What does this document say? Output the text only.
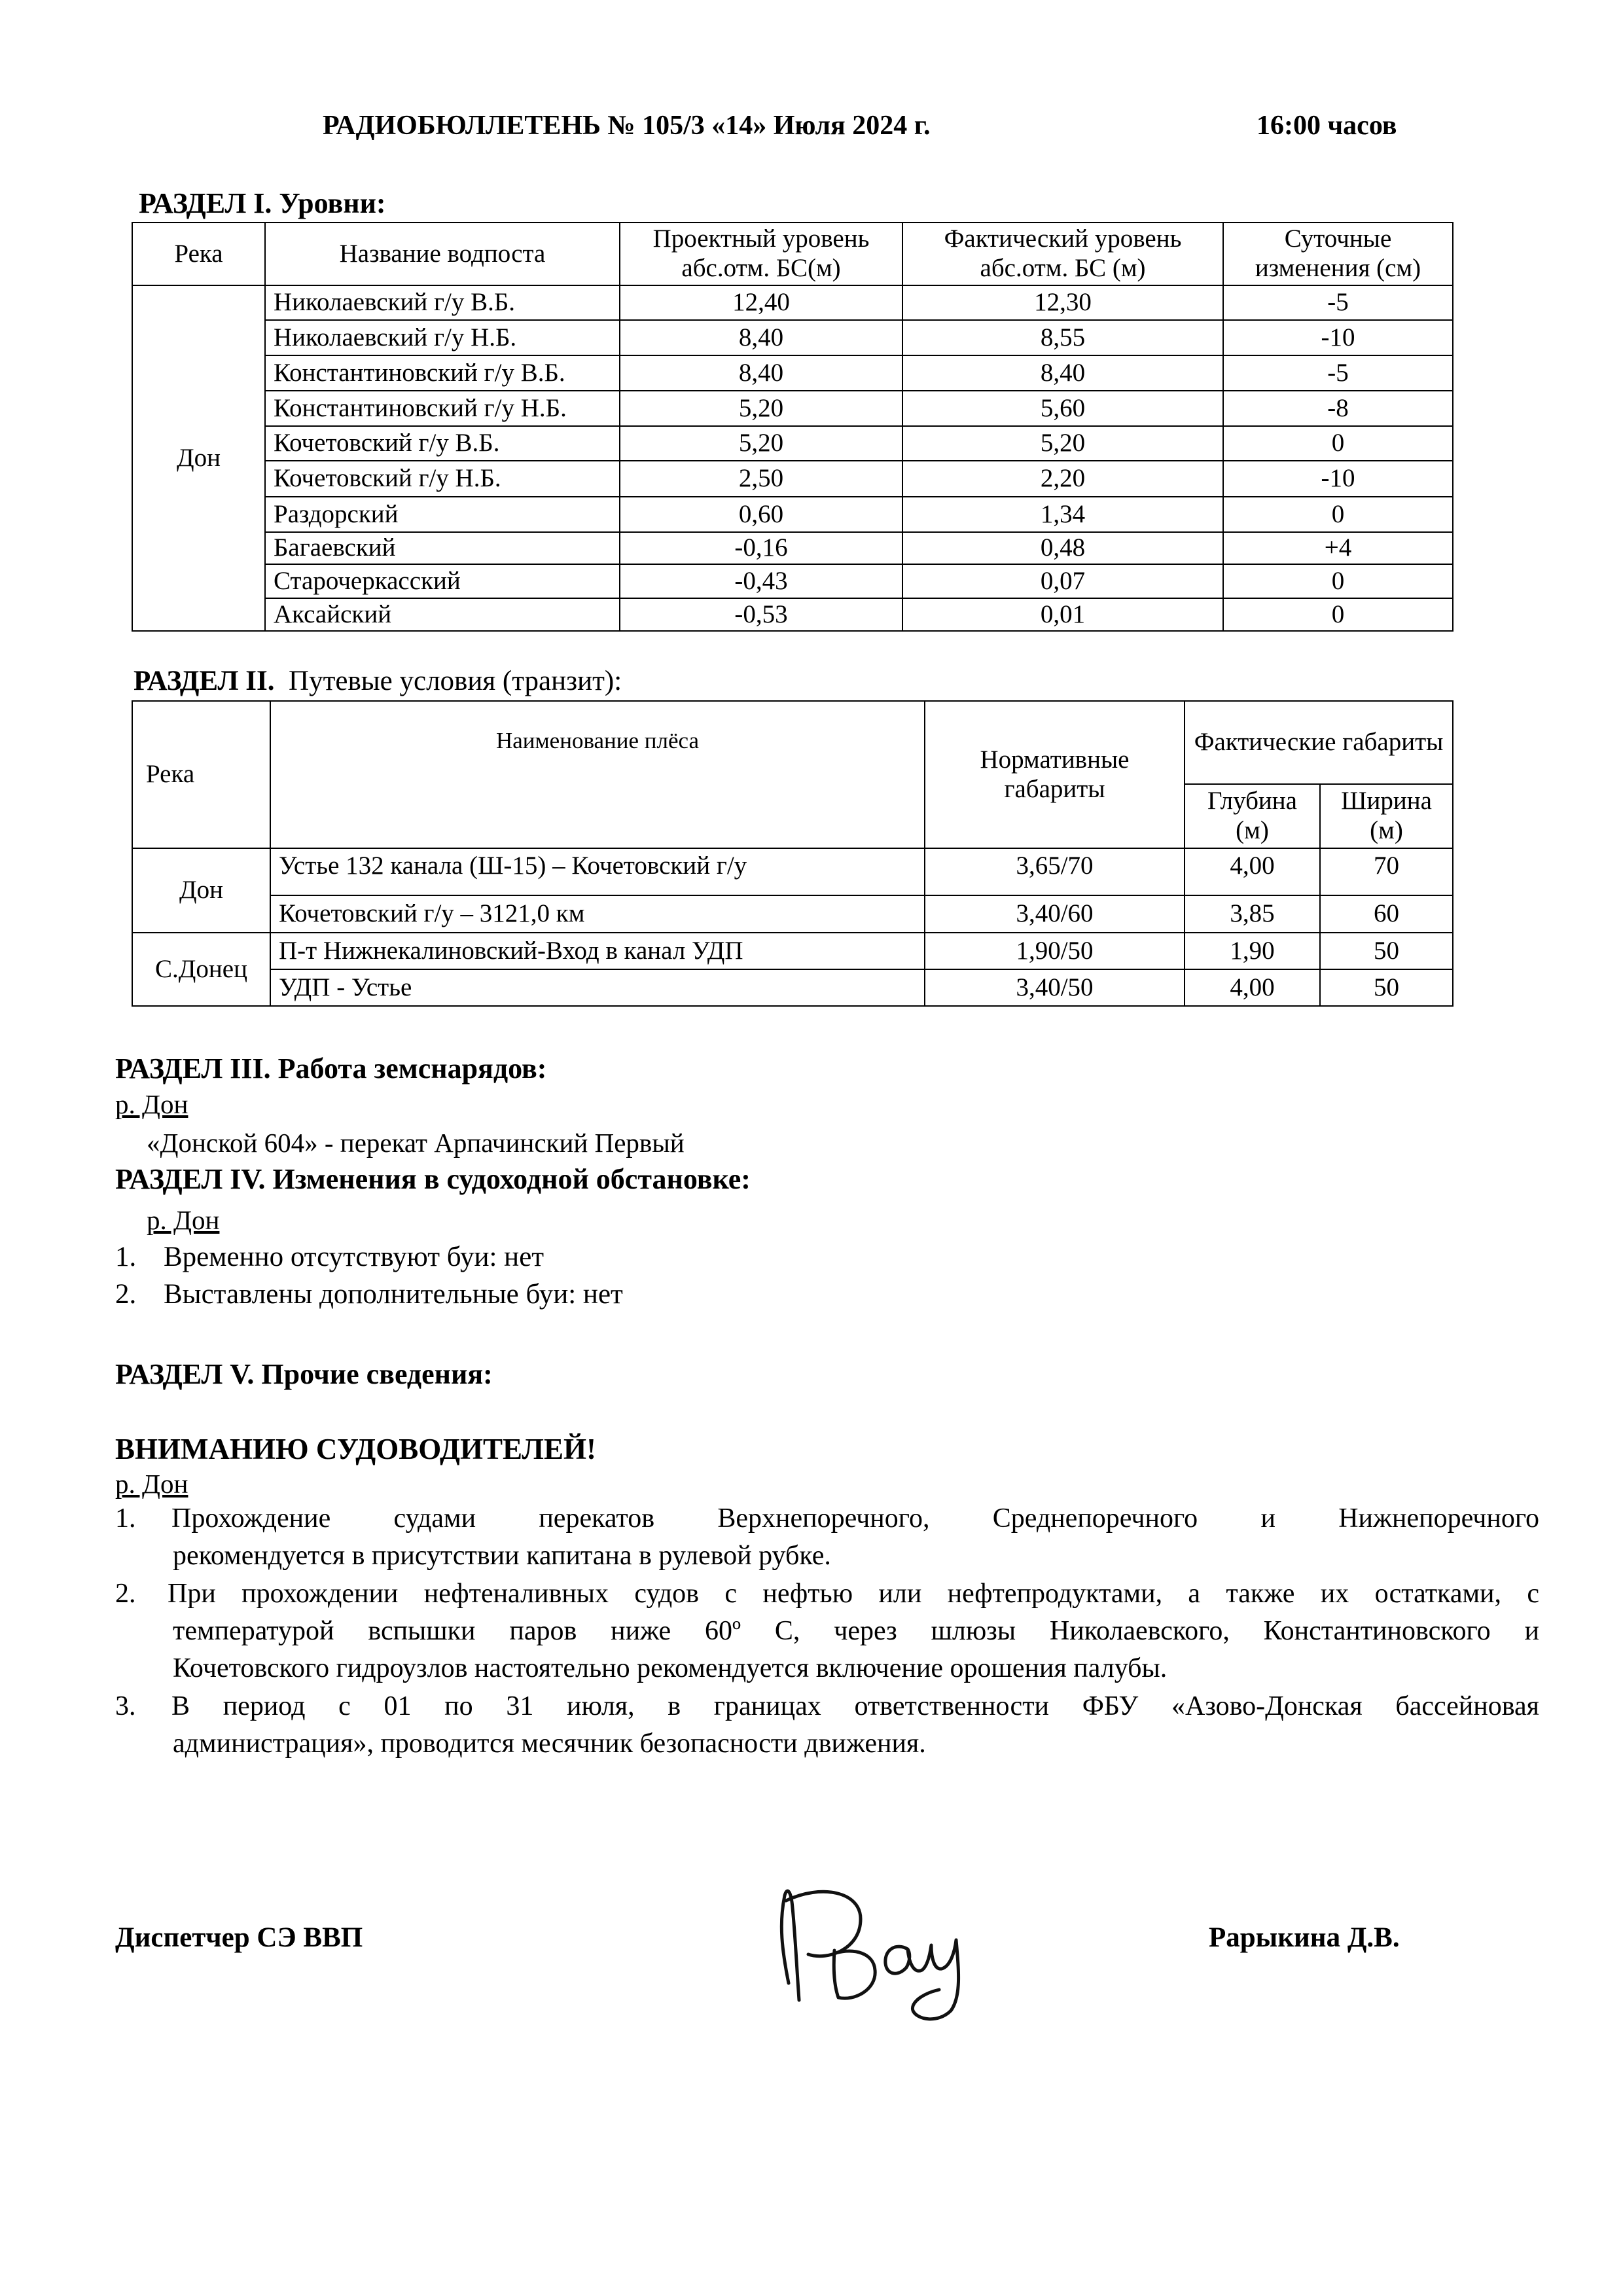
РАДИОБЮЛЛЕТЕНЬ № 105/3 «14» Июля 2024 г.	16:00 часов
РАЗДЕЛ I. Уровни:
Река	Название водпоста	Проектный уровень абс.отм. БС(м)	Фактический уровень абс.отм. БС (м)	Суточные изменения (см)
Дон	Николаевский г/у В.Б.	12,40	12,30	-5
	Николаевский г/у Н.Б.	8,40	8,55	-10
	Константиновский г/у В.Б.	8,40	8,40	-5
	Константиновский г/у Н.Б.	5,20	5,60	-8
	Кочетовский г/у В.Б.	5,20	5,20	0
	Кочетовский г/у Н.Б.	2,50	2,20	-10
	Раздорский	0,60	1,34	0
	Багаевский	-0,16	0,48	+4
	Старочеркасский	-0,43	0,07	0
	Аксайский	-0,53	0,01	0
РАЗДЕЛ II. Путевые условия (транзит):
Река	Наименование плёса	Нормативные габариты	Фактические габариты	
			Глубина (м)	Ширина (м)
Дон	Устье 132 канала (Ш-15) – Кочетовский г/у	3,65/70	4,00	70
	Кочетовский г/у – 3121,0 км	3,40/60	3,85	60
С.Донец	П-т Нижнекалиновский-Вход в канал УДП	1,90/50	1,90	50
	УДП - Устье	3,40/50	4,00	50
РАЗДЕЛ III. Работа земснарядов:
р. Дон
«Донской 604» - перекат Арпачинский Первый
РАЗДЕЛ IV. Изменения в судоходной обстановке:
р. Дон
1. Временно отсутствуют буи: нет
2. Выставлены дополнительные буи: нет
РАЗДЕЛ V. Прочие сведения:
ВНИМАНИЮ СУДОВОДИТЕЛЕЙ!
р. Дон
1. Прохождение судами перекатов Верхнепоречного, Среднепоречного и Нижнепоречного
рекомендуется в присутствии капитана в рулевой рубке.
2. При прохождении нефтеналивных судов с нефтью или нефтепродуктами, а также их остатками, с
температурой вспышки паров ниже 60º С, через шлюзы Николаевского, Константиновского и
Кочетовского гидроузлов настоятельно рекомендуется включение орошения палубы.
3. В период с 01 по 31 июля, в границах ответственности ФБУ «Азово-Донская бассейновая
администрация», проводится месячник безопасности движения.
Диспетчер СЭ ВВП	Рарыкина Д.В.
